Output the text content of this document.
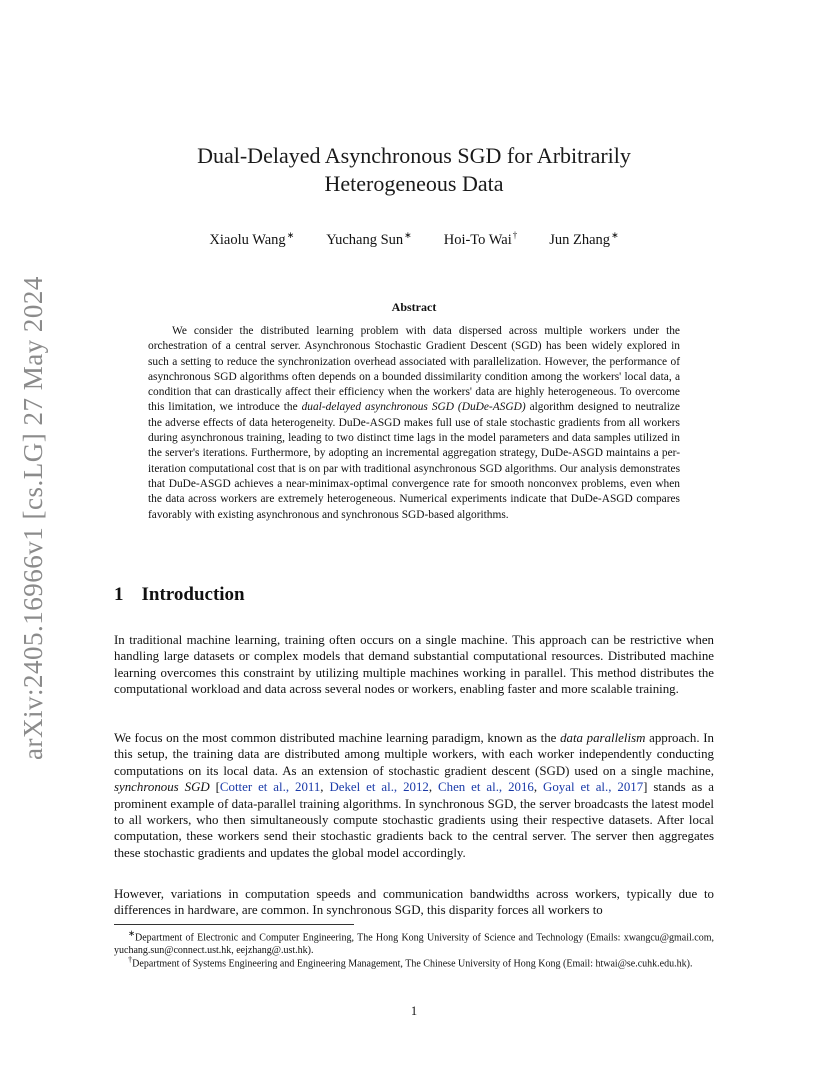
arXiv:2405.16966v1 [cs.LG] 27 May 2024
Dual-Delayed Asynchronous SGD for Arbitrarily
Heterogeneous Data
Xiaolu Wang∗ Yuchang Sun∗ Hoi-To Wai† Jun Zhang∗
Abstract
We consider the distributed learning problem with data dispersed across multiple workers under the orchestration of a central server. Asynchronous Stochastic Gradient Descent (SGD) has been widely explored in such a setting to reduce the synchronization overhead associated with parallelization. However, the performance of asynchronous SGD algorithms often depends on a bounded dissimilarity condition among the workers' local data, a condition that can drastically affect their efficiency when the workers' data are highly heterogeneous. To overcome this limitation, we introduce the dual-delayed asynchronous SGD (DuDe-ASGD) algorithm designed to neutralize the adverse effects of data heterogeneity. DuDe-ASGD makes full use of stale stochastic gradients from all workers during asynchronous training, leading to two distinct time lags in the model parameters and data samples utilized in the server's iterations. Furthermore, by adopting an incremental aggregation strategy, DuDe-ASGD maintains a per-iteration computational cost that is on par with traditional asynchronous SGD algorithms. Our analysis demonstrates that DuDe-ASGD achieves a near-minimax-optimal convergence rate for smooth nonconvex problems, even when the data across workers are extremely heterogeneous. Numerical experiments indicate that DuDe-ASGD compares favorably with existing asynchronous and synchronous SGD-based algorithms.
1 Introduction
In traditional machine learning, training often occurs on a single machine. This approach can be restrictive when handling large datasets or complex models that demand substantial computational resources. Distributed machine learning overcomes this constraint by utilizing multiple machines working in parallel. This method distributes the computational workload and data across several nodes or workers, enabling faster and more scalable training.
We focus on the most common distributed machine learning paradigm, known as the data parallelism approach. In this setup, the training data are distributed among multiple workers, with each worker independently conducting computations on its local data. As an extension of stochastic gradient descent (SGD) used on a single machine, synchronous SGD [Cotter et al., 2011, Dekel et al., 2012, Chen et al., 2016, Goyal et al., 2017] stands as a prominent example of data-parallel training algorithms. In synchronous SGD, the server broadcasts the latest model to all workers, who then simultaneously compute stochastic gradients using their respective datasets. After local computation, these workers send their stochastic gradients back to the central server. The server then aggregates these stochastic gradients and updates the global model accordingly.
However, variations in computation speeds and communication bandwidths across workers, typically due to differences in hardware, are common. In synchronous SGD, this disparity forces all workers to
∗Department of Electronic and Computer Engineering, The Hong Kong University of Science and Technology (Emails: xwangcu@gmail.com, yuchang.sun@connect.ust.hk, eejzhang@.ust.hk).
†Department of Systems Engineering and Engineering Management, The Chinese University of Hong Kong (Email: htwai@se.cuhk.edu.hk).
1
